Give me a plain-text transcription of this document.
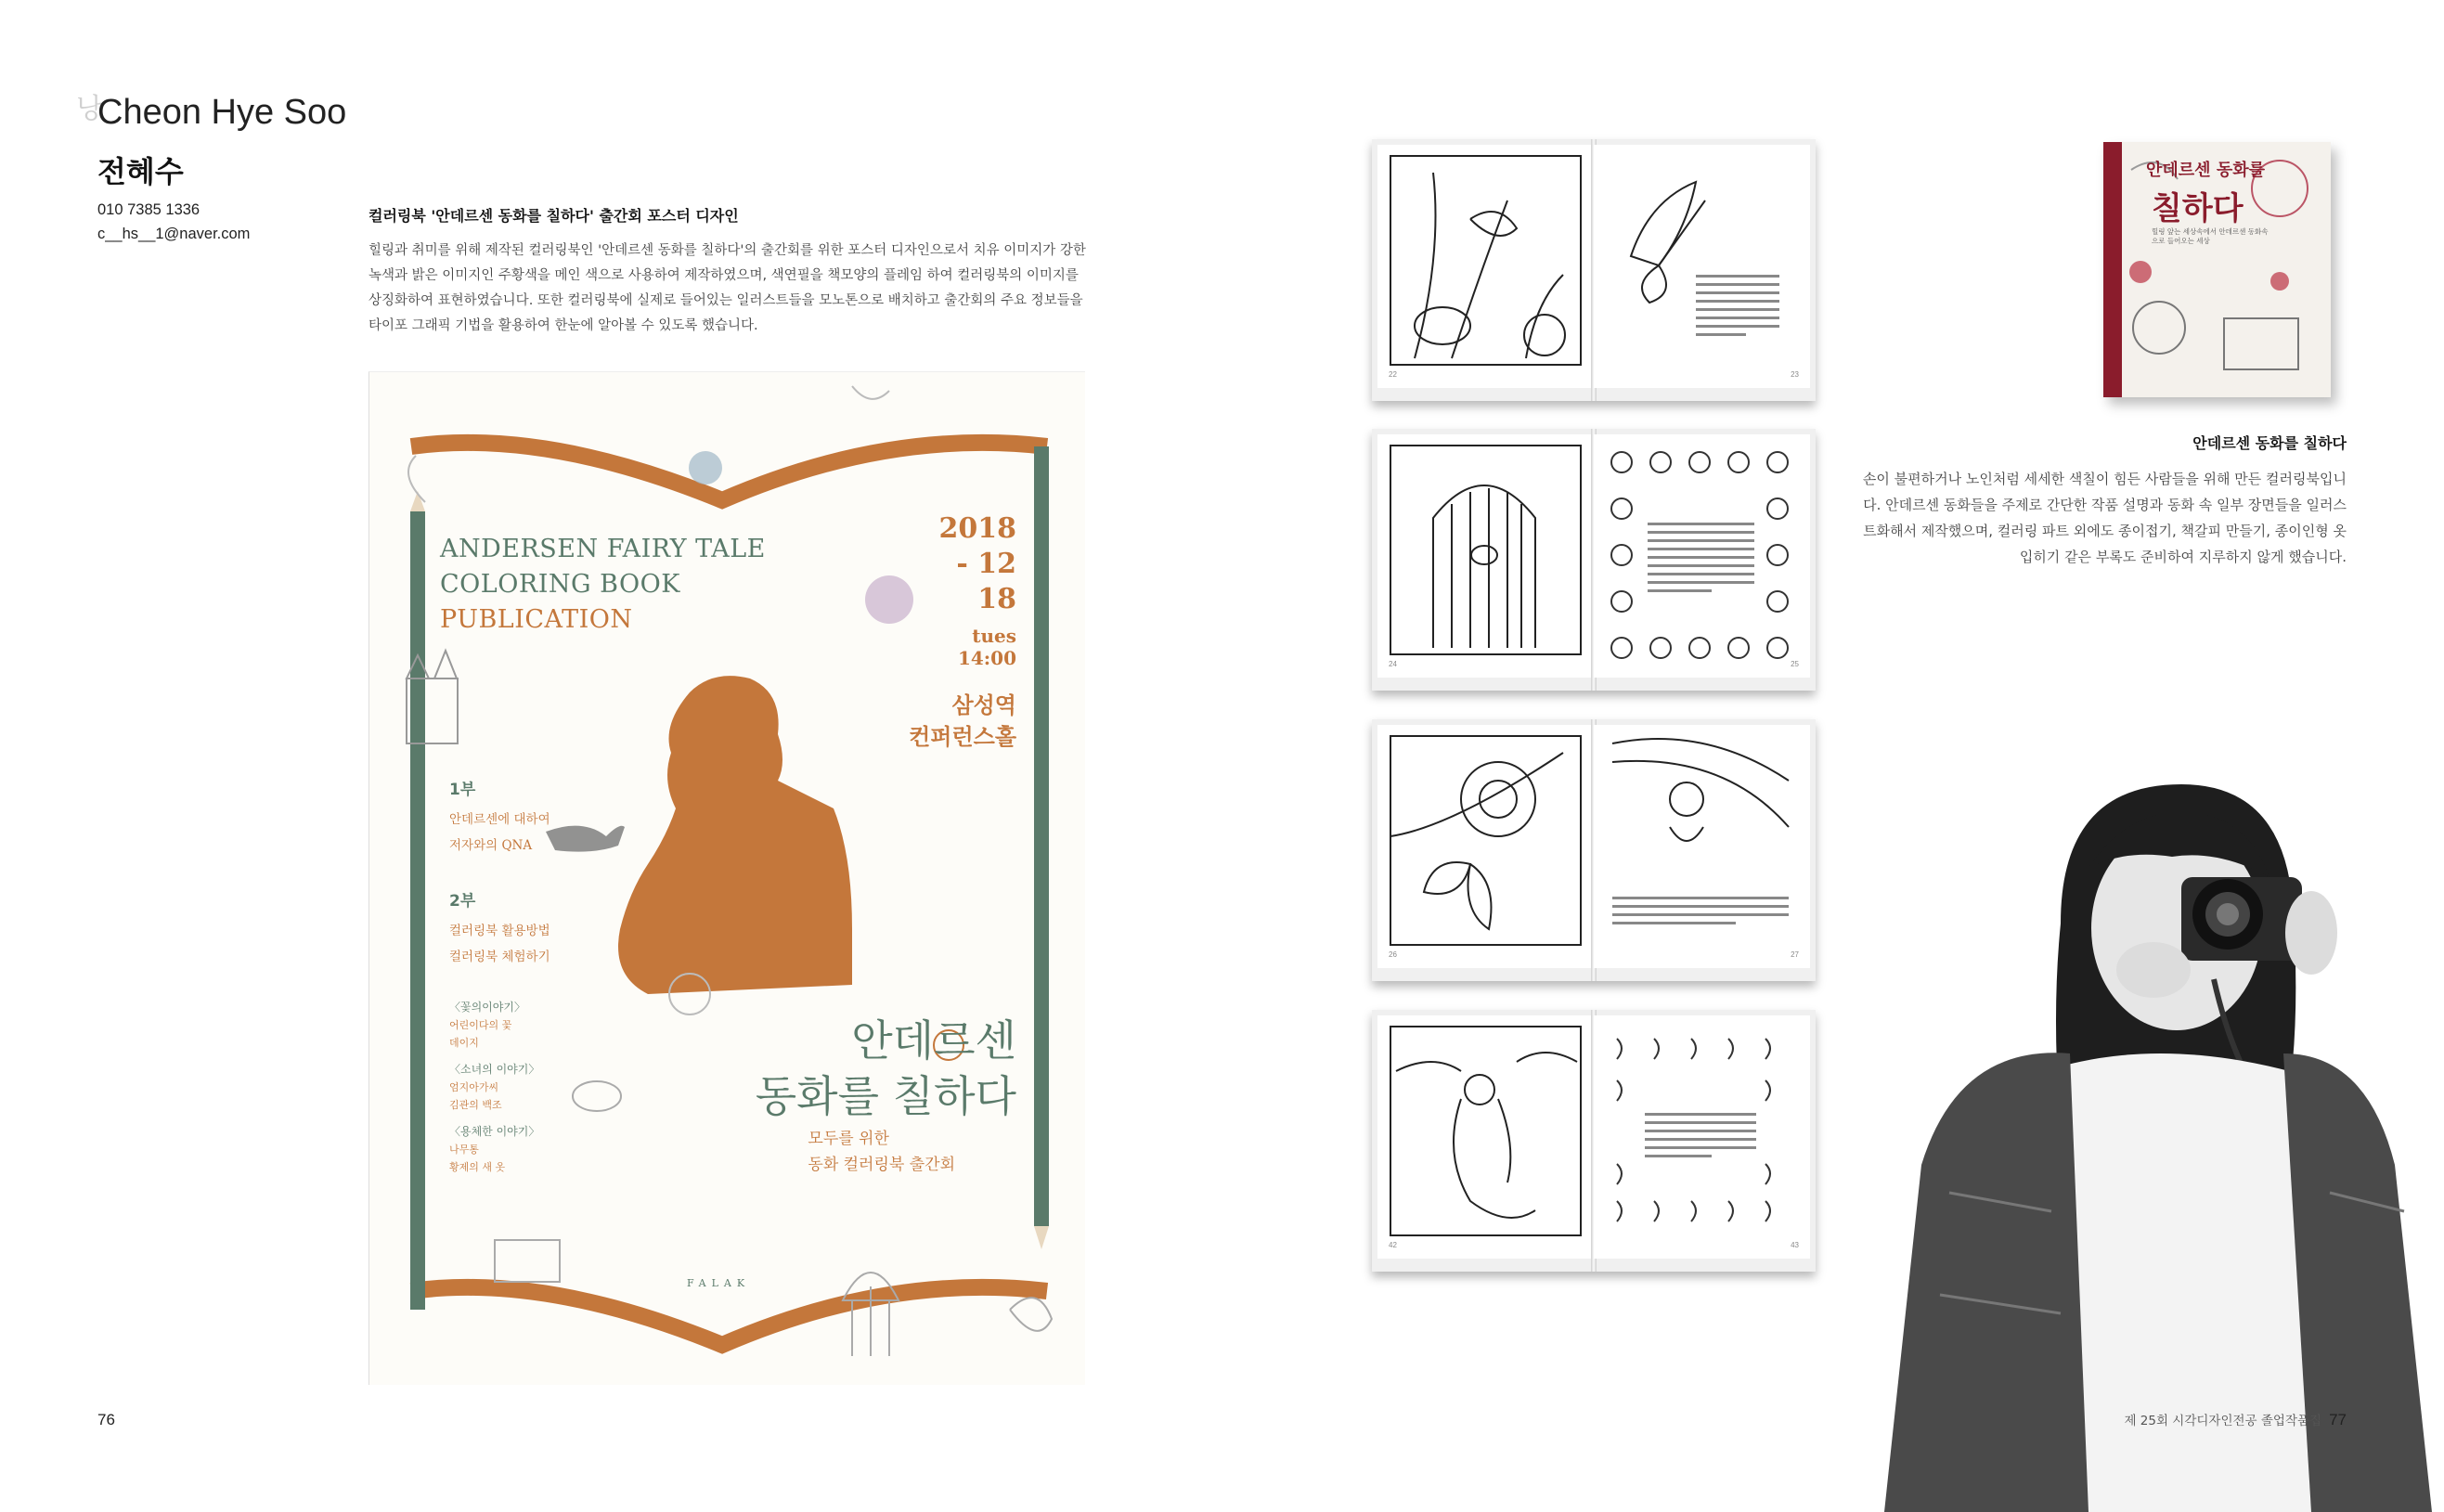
낭
Cheon Hye Soo
전혜수
010 7385 1336
c__hs__1@naver.com
컬러링북 '안데르센 동화를 칠하다' 출간회 포스터 디자인
힐링과 취미를 위해 제작된 컬러링북인 '안데르센 동화를 칠하다'의 출간회를 위한 포스터 디자인으로서 치유 이미지가 강한 녹색과 밝은 이미지인 주황색을 메인 색으로 사용하여 제작하였으며, 색연필을 책모양의 플레임 하여 컬러링북의 이미지를 상징화하여 표현하였습니다. 또한 컬러링북에 실제로 들어있는 일러스트들을 모노톤으로 배치하고 출간회의 주요 정보들을 타이포 그래픽 기법을 활용하여 한눈에 알아볼 수 있도록 했습니다.
ANDERSEN FAIRY TALE
COLORING BOOK
PUBLICATION
2018
- 12
18
tues
14:00
삼성역
컨퍼런스홀
1부
안데르센에 대하여
저자와의 QNA
2부
컬러링북 활용방법
컬러링북 체험하기
〈꽃의이야기〉
어린이다의 꽃
데이지
〈소녀의 이야기〉
엄지아가씨
김관의 백조
〈용체한 이야기〉
나무통
황제의 새 옷
안데르센
동화를 칠하다
모두를 위한
동화 컬러링북 출간회
FALAK
76
22	23
24	25
26	27
42	43
안데르센 동화를
칠하다
힐링 앞는 세상속에서 안데르센 동화속으로 들어오는 세상
안데르센 동화를 칠하다
손이 불편하거나 노인처럼 세세한 색칠이 힘든 사람들을 위해 만든 컬러링북입니다. 안데르센 동화들을 주제로 간단한 작품 설명과 동화 속 일부 장면들을 일러스트화해서 제작했으며, 컬러링 파트 외에도 종이접기, 책갈피 만들기, 종이인형 옷입히기 같은 부록도 준비하여 지루하지 않게 했습니다.
제 25회 시각디자인전공 졸업작품집 77
